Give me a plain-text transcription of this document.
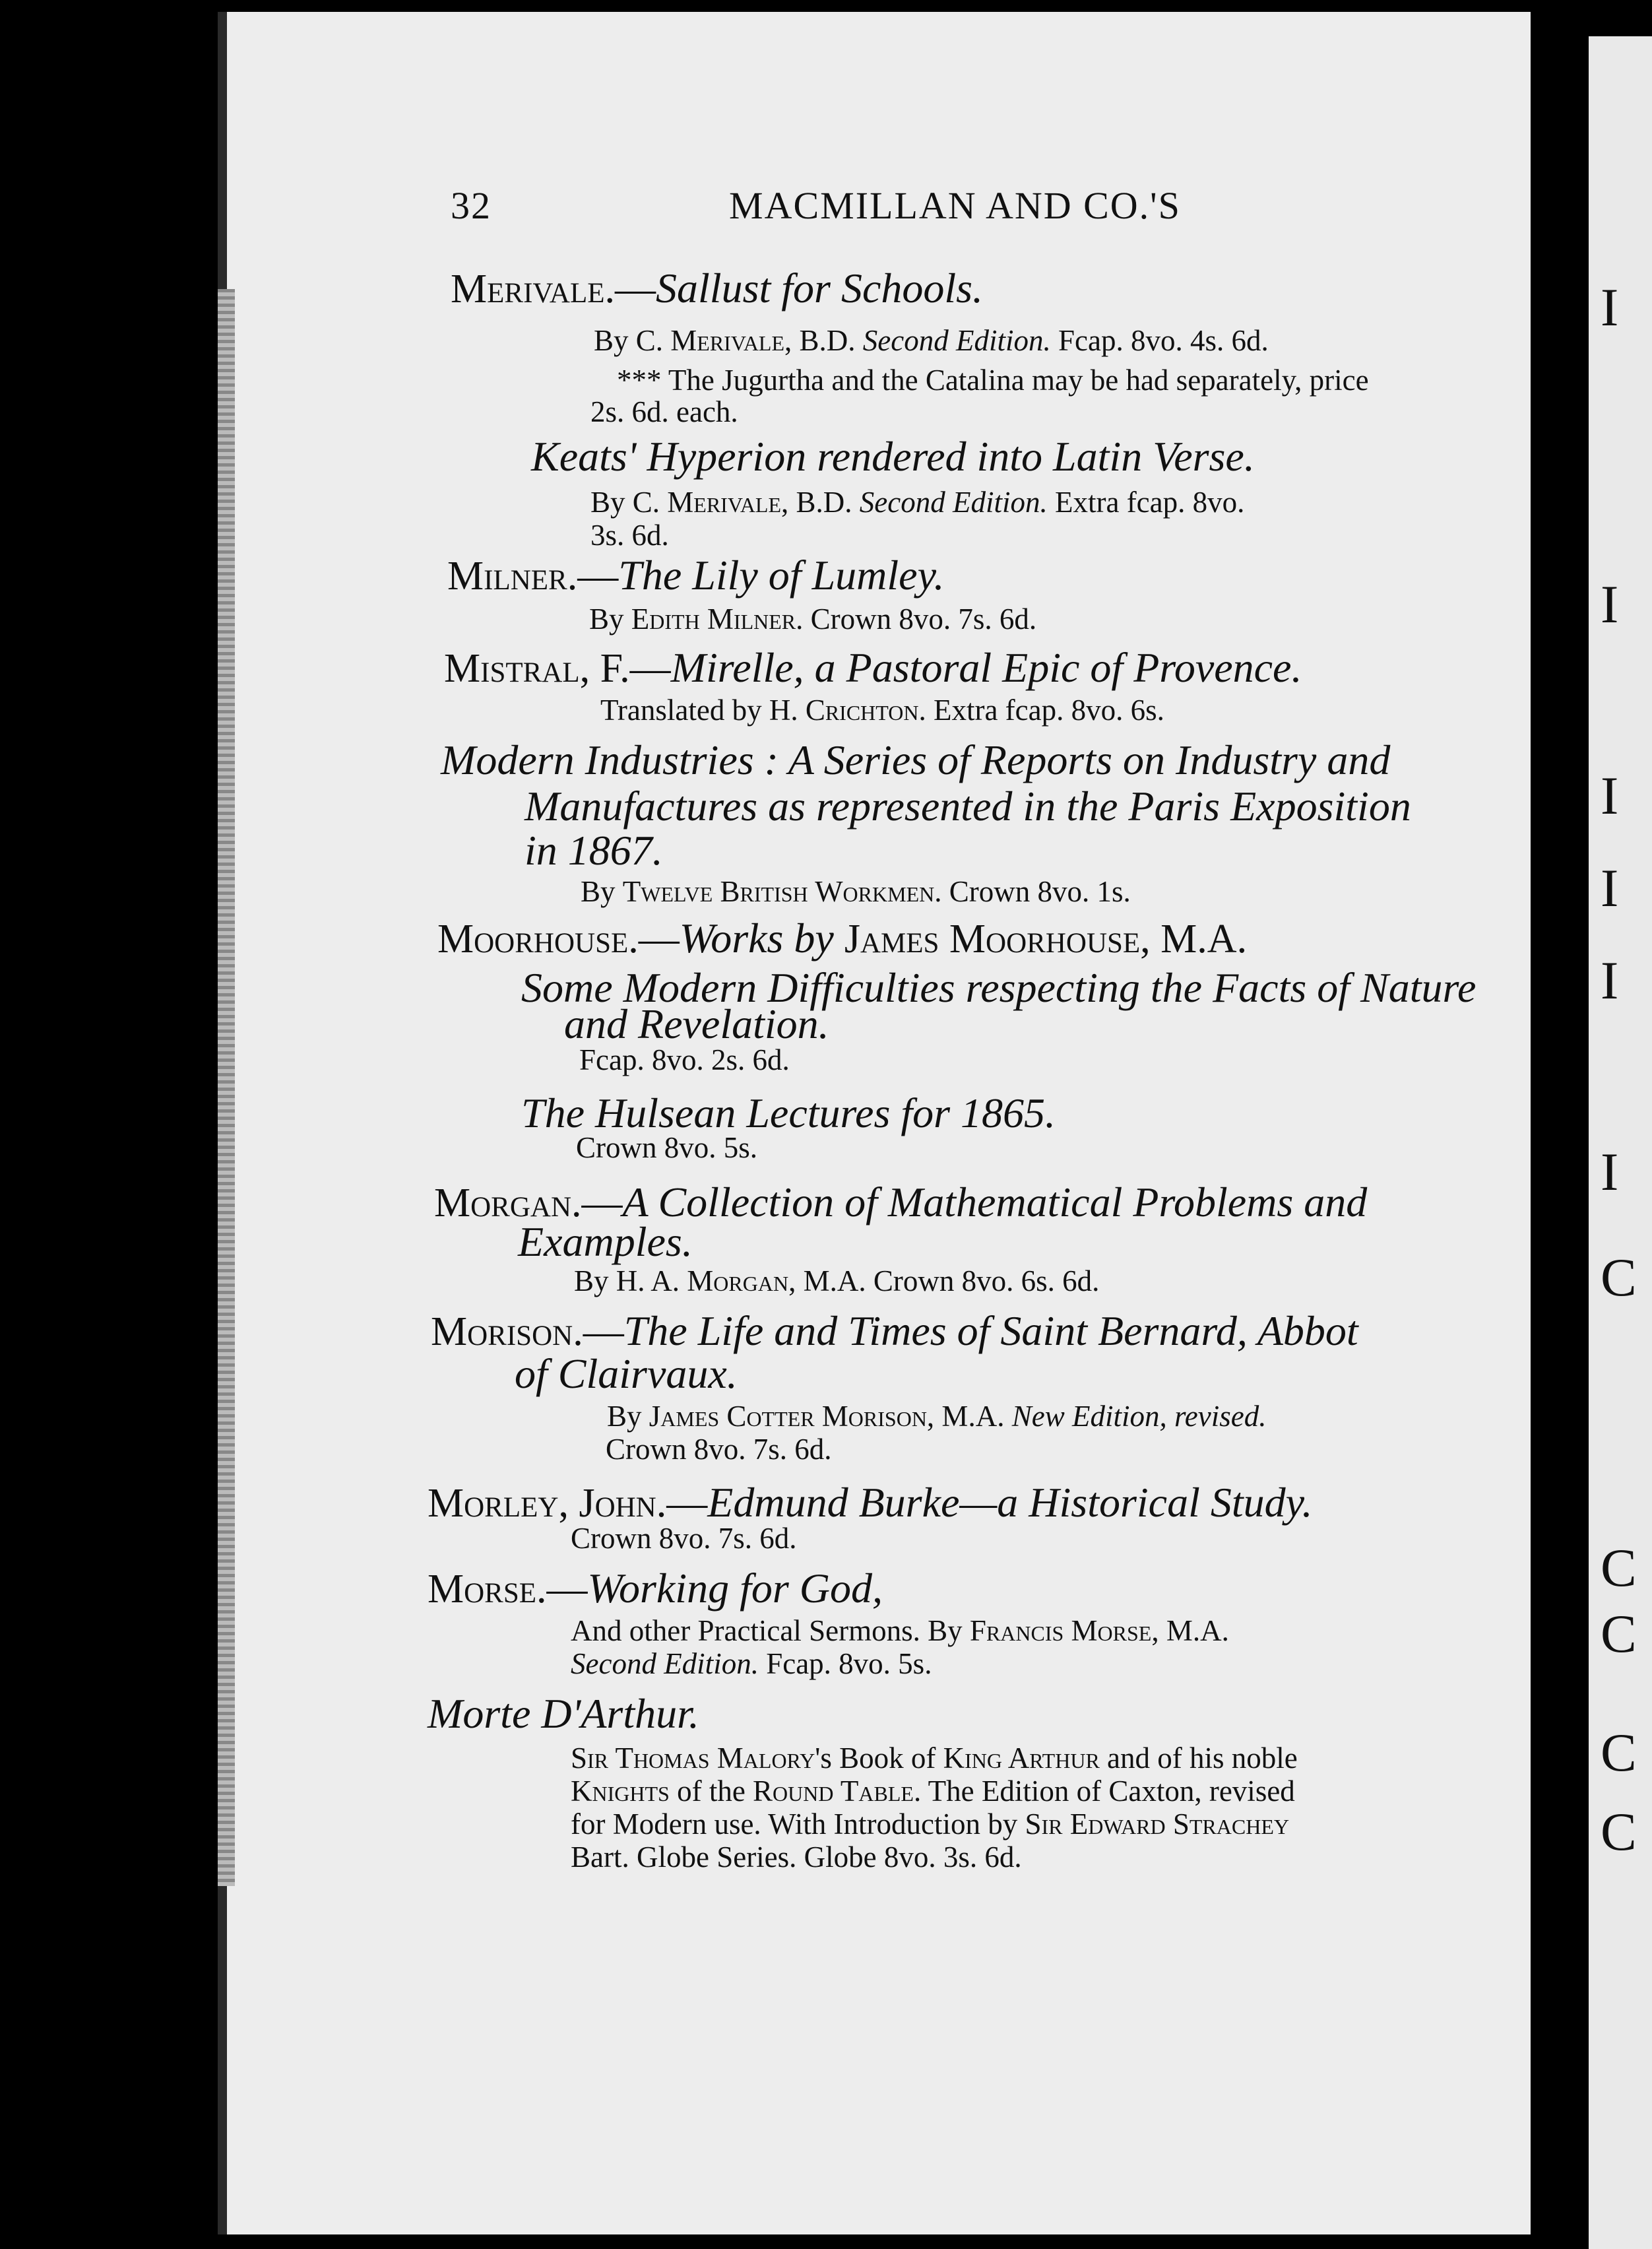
I
I
I
I
I
I
C
C
C
C
C
32	MACMILLAN AND CO.'S
Merivale.—Sallust for Schools.
By C. Merivale, B.D. Second Edition. Fcap. 8vo. 4s. 6d.
*** The Jugurtha and the Catalina may be had separately, price
2s. 6d. each.
Keats' Hyperion rendered into Latin Verse.
By C. Merivale, B.D. Second Edition. Extra fcap. 8vo.
3s. 6d.
Milner.—The Lily of Lumley.
By Edith Milner. Crown 8vo. 7s. 6d.
Mistral, F.—Mirelle, a Pastoral Epic of Provence.
Translated by H. Crichton. Extra fcap. 8vo. 6s.
Modern Industries : A Series of Reports on Industry and
Manufactures as represented in the Paris Exposition
in 1867.
By Twelve British Workmen. Crown 8vo. 1s.
Moorhouse.—Works by James Moorhouse, M.A.
Some Modern Difficulties respecting the Facts of Nature
and Revelation.
Fcap. 8vo. 2s. 6d.
The Hulsean Lectures for 1865.
Crown 8vo. 5s.
Morgan.—A Collection of Mathematical Problems and
Examples.
By H. A. Morgan, M.A. Crown 8vo. 6s. 6d.
Morison.—The Life and Times of Saint Bernard, Abbot
of Clairvaux.
By James Cotter Morison, M.A. New Edition, revised.
Crown 8vo. 7s. 6d.
Morley, John.—Edmund Burke—a Historical Study.
Crown 8vo. 7s. 6d.
Morse.—Working for God,
And other Practical Sermons. By Francis Morse, M.A.
Second Edition. Fcap. 8vo. 5s.
Morte D'Arthur.
Sir Thomas Malory's Book of King Arthur and of his noble
Knights of the Round Table. The Edition of Caxton, revised
for Modern use. With Introduction by Sir Edward Strachey
Bart. Globe Series. Globe 8vo. 3s. 6d.
